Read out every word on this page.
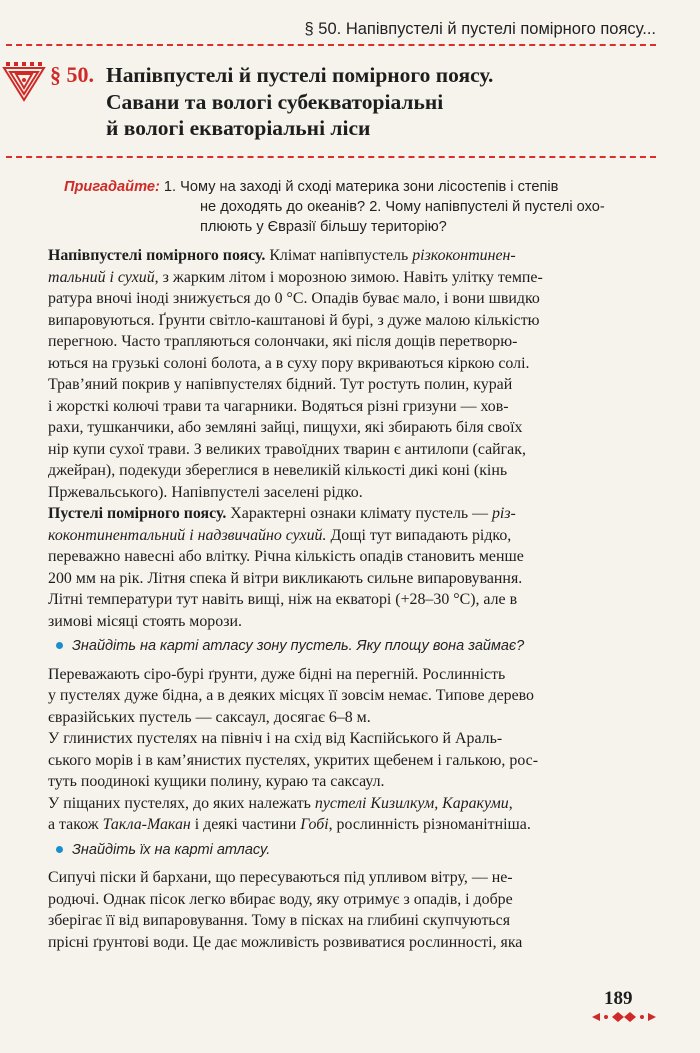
§ 50. Напівпустелі й пустелі помірного поясу...
§ 50. Напівпустелі й пустелі помірного поясу.
Савани та вологі субекваторіальні
й вологі екваторіальні ліси
Пригадайте: 1. Чому на заході й сході материка зони лісостепів і степів
не доходять до океанів? 2. Чому напівпустелі й пустелі охо-
плюють у Євразії більшу територію?
Напівпустелі помірного поясу. Клімат напівпустель різкоконтинен-
тальний і сухий, з жарким літом і морозною зимою. Навіть улітку темпе-
ратура вночі іноді знижується до 0 °С. Опадів буває мало, і вони швидко
випаровуються. Ґрунти світло-каштанові й бурі, з дуже малою кількістю
перегною. Часто трапляються солончаки, які після дощів перетворю-
ються на грузькі солоні болота, а в суху пору вкриваються кіркою солі.
Трав’яний покрив у напівпустелях бідний. Тут ростуть полин, курай
і жорсткі колючі трави та чагарники. Водяться різні гризуни — хов-
рахи, тушканчики, або земляні зайці, пищухи, які збирають біля своїх
нір купи сухої трави. З великих травоїдних тварин є антилопи (сайгак,
джейран), подекуди збереглися в невеликій кількості дикі коні (кінь
Пржевальського). Напівпустелі заселені рідко.
Пустелі помірного поясу. Характерні ознаки клімату пустель — різ-
коконтинентальний і надзвичайно сухий. Дощі тут випадають рідко,
переважно навесні або влітку. Річна кількість опадів становить менше
200 мм на рік. Літня спека й вітри викликають сильне випаровування.
Літні температури тут навіть вищі, ніж на екваторі (+28–30 °С), але в
зимові місяці стоять морози.
Знайдіть на карті атласу зону пустель. Яку площу вона займає?
Переважають сіро-бурі ґрунти, дуже бідні на перегній. Рослинність
у пустелях дуже бідна, а в деяких місцях її зовсім немає. Типове дерево
євразійських пустель — саксаул, досягає 6–8 м.
У глинистих пустелях на північ і на схід від Каспійського й Араль-
ського морів і в кам’янистих пустелях, укритих щебенем і галькою, рос-
туть поодинокі кущики полину, кураю та саксаул.
У піщаних пустелях, до яких належать пустелі Кизилкум, Каракуми,
а також Такла-Макан і деякі частини Гобі, рослинність різноманітніша.
Знайдіть їх на карті атласу.
Сипучі піски й бархани, що пересуваються під упливом вітру, — не-
родючі. Однак пісок легко вбирає воду, яку отримує з опадів, і добре
зберігає її від випаровування. Тому в пісках на глибині скупчуються
прісні ґрунтові води. Це дає можливість розвиватися рослинності, яка
189
